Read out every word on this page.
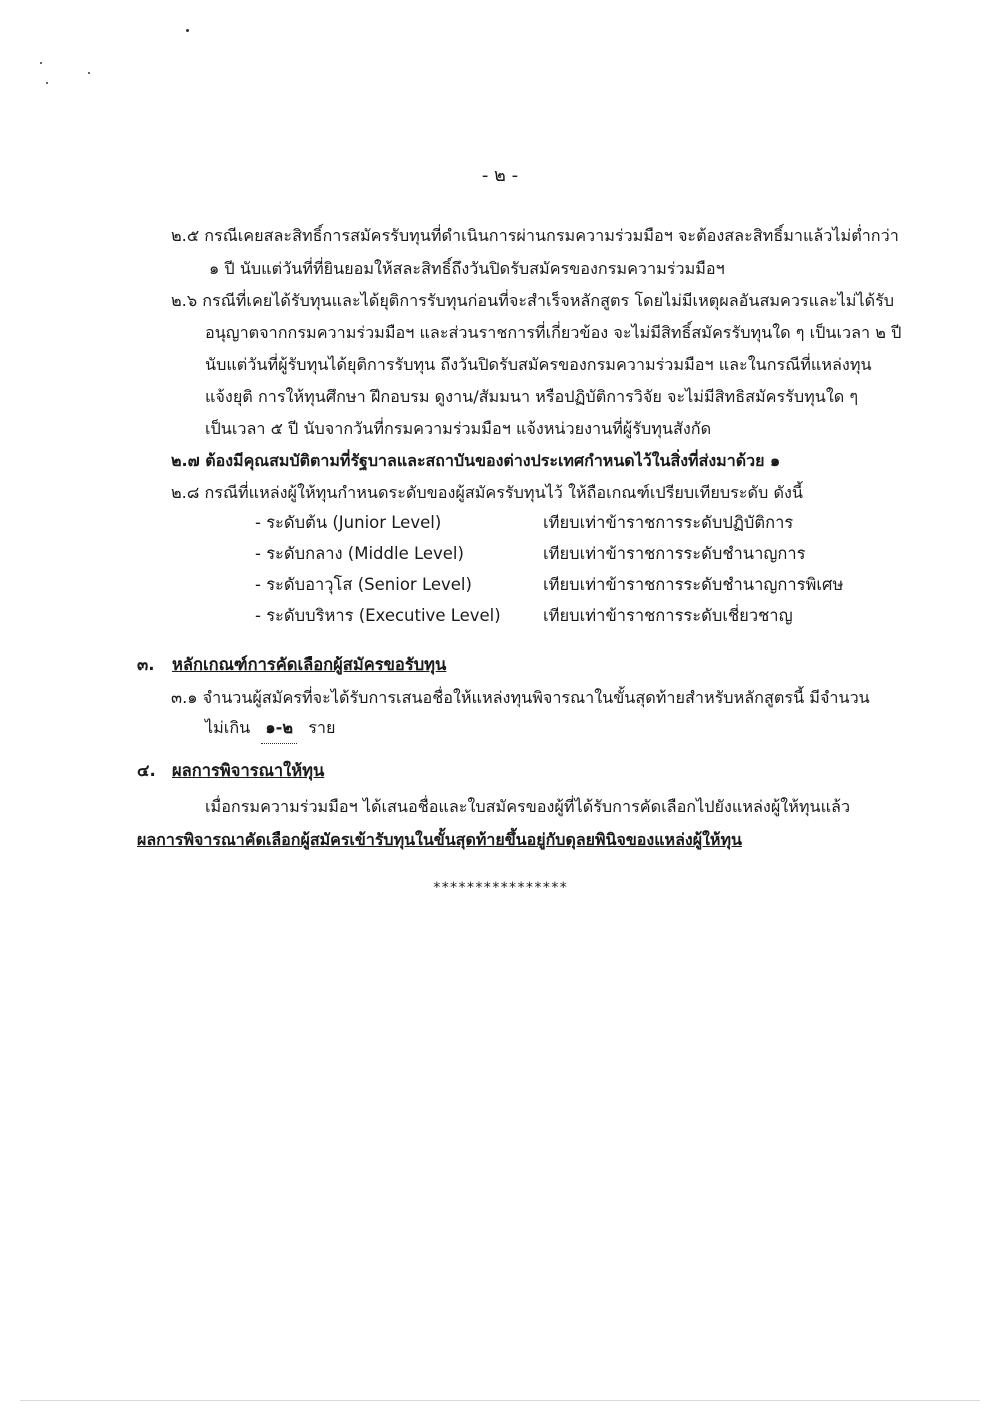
- ๒ -
๒.๕ กรณีเคยสละสิทธิ์การสมัครรับทุนที่ดำเนินการผ่านกรมความร่วมมือฯ จะต้องสละสิทธิ์มาแล้วไม่ต่ำกว่า
๑ ปี นับแต่วันที่ที่ยินยอมให้สละสิทธิ์ถึงวันปิดรับสมัครของกรมความร่วมมือฯ
๒.๖ กรณีที่เคยได้รับทุนและได้ยุติการรับทุนก่อนที่จะสำเร็จหลักสูตร โดยไม่มีเหตุผลอันสมควรและไม่ได้รับ
อนุญาตจากกรมความร่วมมือฯ และส่วนราชการที่เกี่ยวข้อง จะไม่มีสิทธิ์สมัครรับทุนใด ๆ เป็นเวลา ๒ ปี
นับแต่วันที่ผู้รับทุนได้ยุติการรับทุน ถึงวันปิดรับสมัครของกรมความร่วมมือฯ และในกรณีที่แหล่งทุน
แจ้งยุติ การให้ทุนศึกษา ฝึกอบรม ดูงาน/สัมมนา หรือปฏิบัติการวิจัย จะไม่มีสิทธิสมัครรับทุนใด ๆ
เป็นเวลา ๕ ปี นับจากวันที่กรมความร่วมมือฯ แจ้งหน่วยงานที่ผู้รับทุนสังกัด
๒.๗ ต้องมีคุณสมบัติตามที่รัฐบาลและสถาบันของต่างประเทศกำหนดไว้ในสิ่งที่ส่งมาด้วย ๑
๒.๘ กรณีที่แหล่งผู้ให้ทุนกำหนดระดับของผู้สมัครรับทุนไว้ ให้ถือเกณฑ์เปรียบเทียบระดับ ดังนี้
- ระดับต้น (Junior Level)	เทียบเท่าข้าราชการระดับปฏิบัติการ
- ระดับกลาง (Middle Level)	เทียบเท่าข้าราชการระดับชำนาญการ
- ระดับอาวุโส (Senior Level)	เทียบเท่าข้าราชการระดับชำนาญการพิเศษ
- ระดับบริหาร (Executive Level)	เทียบเท่าข้าราชการระดับเชี่ยวชาญ
๓. หลักเกณฑ์การคัดเลือกผู้สมัครขอรับทุน
๓.๑ จำนวนผู้สมัครที่จะได้รับการเสนอชื่อให้แหล่งทุนพิจารณาในขั้นสุดท้ายสำหรับหลักสูตรนี้ มีจำนวน
ไม่เกิน ๑-๒ ราย
๔. ผลการพิจารณาให้ทุน
เมื่อกรมความร่วมมือฯ ได้เสนอชื่อและใบสมัครของผู้ที่ได้รับการคัดเลือกไปยังแหล่งผู้ให้ทุนแล้ว
ผลการพิจารณาคัดเลือกผู้สมัครเข้ารับทุนในขั้นสุดท้ายขึ้นอยู่กับดุลยพินิจของแหล่งผู้ให้ทุน
****************
